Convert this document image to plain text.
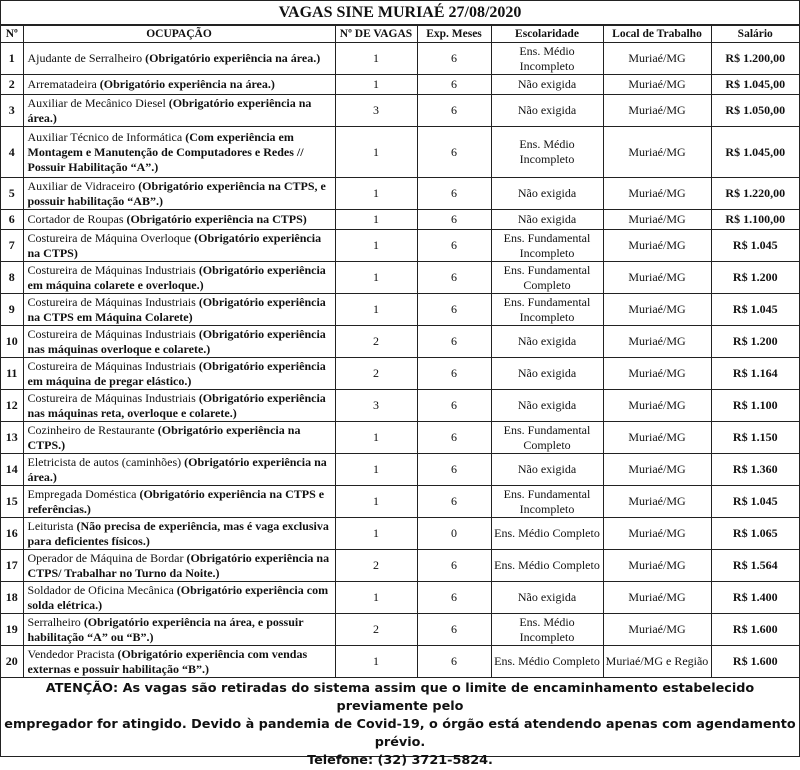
VAGAS SINE MURIAÉ 27/08/2020
Nº	OCUPAÇÃO	Nº DE VAGAS	Exp. Meses	Escolaridade	Local de Trabalho	Salário
1	Ajudante de Serralheiro (Obrigatório experiência na área.)	1	6	Ens. Médio Incompleto	Muriaé/MG	R$ 1.200,00
2	Arrematadeira (Obrigatório experiência na área.)	1	6	Não exigida	Muriaé/MG	R$ 1.045,00
3	Auxiliar de Mecânico Diesel (Obrigatório experiência na área.)	3	6	Não exigida	Muriaé/MG	R$ 1.050,00
4	Auxiliar Técnico de Informática (Com experiência em Montagem e Manutenção de Computadores e Redes // Possuir Habilitação “A”.)	1	6	Ens. Médio Incompleto	Muriaé/MG	R$ 1.045,00
5	Auxiliar de Vidraceiro (Obrigatório experiência na CTPS, e possuir habilitação “AB”.)	1	6	Não exigida	Muriaé/MG	R$ 1.220,00
6	Cortador de Roupas (Obrigatório experiência na CTPS)	1	6	Não exigida	Muriaé/MG	R$ 1.100,00
7	Costureira de Máquina Overloque (Obrigatório experiência na CTPS)	1	6	Ens. Fundamental Incompleto	Muriaé/MG	R$ 1.045
8	Costureira de Máquinas Industriais (Obrigatório experiência em máquina colarete e overloque.)	1	6	Ens. Fundamental Completo	Muriaé/MG	R$ 1.200
9	Costureira de Máquinas Industriais (Obrigatório experiência na CTPS em Máquina Colarete)	1	6	Ens. Fundamental Incompleto	Muriaé/MG	R$ 1.045
10	Costureira de Máquinas Industriais (Obrigatório experiência nas máquinas overloque e colarete.)	2	6	Não exigida	Muriaé/MG	R$ 1.200
11	Costureira de Máquinas Industriais (Obrigatório experiência em máquina de pregar elástico.)	2	6	Não exigida	Muriaé/MG	R$ 1.164
12	Costureira de Máquinas Industriais (Obrigatório experiência nas máquinas reta, overloque e colarete.)	3	6	Não exigida	Muriaé/MG	R$ 1.100
13	Cozinheiro de Restaurante (Obrigatório experiência na CTPS.)	1	6	Ens. Fundamental Completo	Muriaé/MG	R$ 1.150
14	Eletricista de autos (caminhões) (Obrigatório experiência na área.)	1	6	Não exigida	Muriaé/MG	R$ 1.360
15	Empregada Doméstica (Obrigatório experiência na CTPS e referências.)	1	6	Ens. Fundamental Incompleto	Muriaé/MG	R$ 1.045
16	Leiturista (Não precisa de experiência, mas é vaga exclusiva para deficientes físicos.)	1	0	Ens. Médio Completo	Muriaé/MG	R$ 1.065
17	Operador de Máquina de Bordar (Obrigatório experiência na CTPS/ Trabalhar no Turno da Noite.)	2	6	Ens. Médio Completo	Muriaé/MG	R$ 1.564
18	Soldador de Oficina Mecânica (Obrigatório experiência com solda elétrica.)	1	6	Não exigida	Muriaé/MG	R$ 1.400
19	Serralheiro (Obrigatório experiência na área, e possuir habilitação “A” ou “B”.)	2	6	Ens. Médio Incompleto	Muriaé/MG	R$ 1.600
20	Vendedor Pracista (Obrigatório experiência com vendas externas e possuir habilitação “B”.)	1	6	Ens. Médio Completo	Muriaé/MG e Região	R$ 1.600
ATENÇÃO: As vagas são retiradas do sistema assim que o limite de encaminhamento estabelecido previamente pelo
empregador for atingido. Devido à pandemia de Covid-19, o órgão está atendendo apenas com agendamento prévio.
Telefone: (32) 3721-5824.
